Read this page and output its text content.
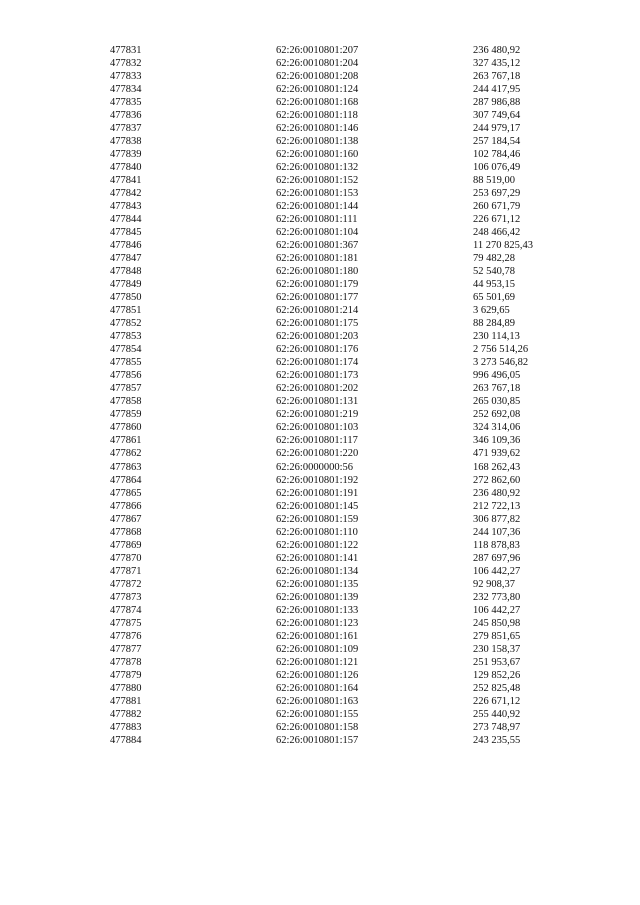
477831	62:26:0010801:207	236 480,92
477832	62:26:0010801:204	327 435,12
477833	62:26:0010801:208	263 767,18
477834	62:26:0010801:124	244 417,95
477835	62:26:0010801:168	287 986,88
477836	62:26:0010801:118	307 749,64
477837	62:26:0010801:146	244 979,17
477838	62:26:0010801:138	257 184,54
477839	62:26:0010801:160	102 784,46
477840	62:26:0010801:132	106 076,49
477841	62:26:0010801:152	88 519,00
477842	62:26:0010801:153	253 697,29
477843	62:26:0010801:144	260 671,79
477844	62:26:0010801:111	226 671,12
477845	62:26:0010801:104	248 466,42
477846	62:26:0010801:367	11 270 825,43
477847	62:26:0010801:181	79 482,28
477848	62:26:0010801:180	52 540,78
477849	62:26:0010801:179	44 953,15
477850	62:26:0010801:177	65 501,69
477851	62:26:0010801:214	3 629,65
477852	62:26:0010801:175	88 284,89
477853	62:26:0010801:203	230 114,13
477854	62:26:0010801:176	2 756 514,26
477855	62:26:0010801:174	3 273 546,82
477856	62:26:0010801:173	996 496,05
477857	62:26:0010801:202	263 767,18
477858	62:26:0010801:131	265 030,85
477859	62:26:0010801:219	252 692,08
477860	62:26:0010801:103	324 314,06
477861	62:26:0010801:117	346 109,36
477862	62:26:0010801:220	471 939,62
477863	62:26:0000000:56	168 262,43
477864	62:26:0010801:192	272 862,60
477865	62:26:0010801:191	236 480,92
477866	62:26:0010801:145	212 722,13
477867	62:26:0010801:159	306 877,82
477868	62:26:0010801:110	244 107,36
477869	62:26:0010801:122	118 878,83
477870	62:26:0010801:141	287 697,96
477871	62:26:0010801:134	106 442,27
477872	62:26:0010801:135	92 908,37
477873	62:26:0010801:139	232 773,80
477874	62:26:0010801:133	106 442,27
477875	62:26:0010801:123	245 850,98
477876	62:26:0010801:161	279 851,65
477877	62:26:0010801:109	230 158,37
477878	62:26:0010801:121	251 953,67
477879	62:26:0010801:126	129 852,26
477880	62:26:0010801:164	252 825,48
477881	62:26:0010801:163	226 671,12
477882	62:26:0010801:155	255 440,92
477883	62:26:0010801:158	273 748,97
477884	62:26:0010801:157	243 235,55
